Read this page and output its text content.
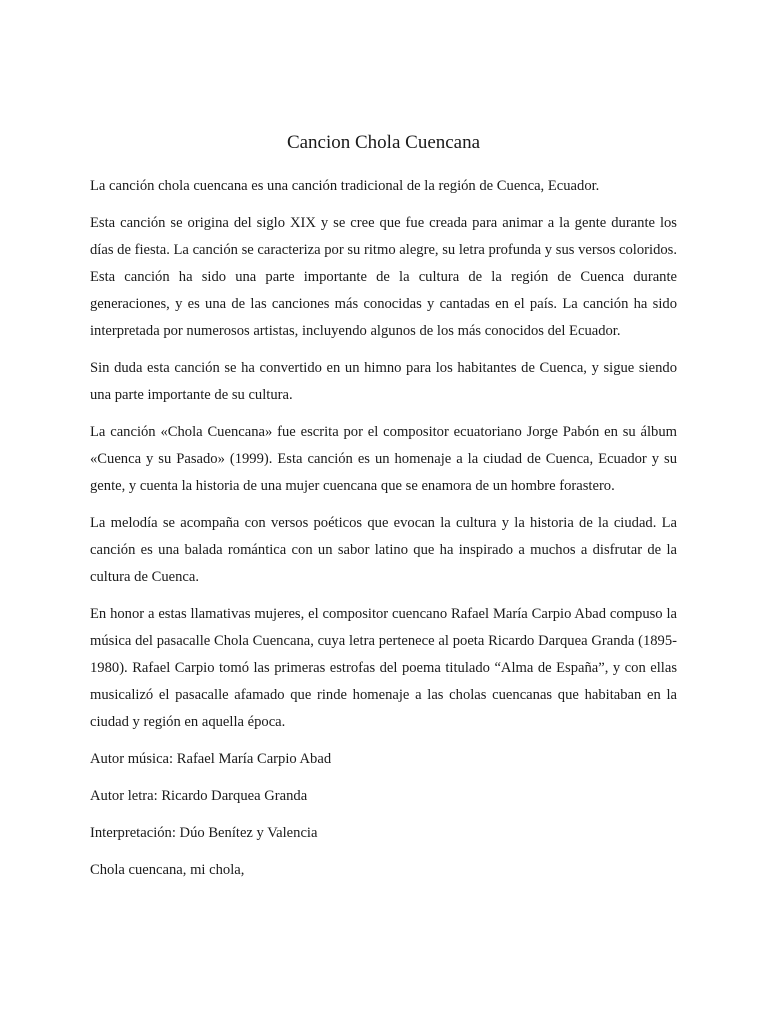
Cancion Chola Cuencana

La canción chola cuencana es una canción tradicional de la región de Cuenca, Ecuador.

Esta canción se origina del siglo XIX y se cree que fue creada para animar a la gente durante los días de fiesta. La canción se caracteriza por su ritmo alegre, su letra profunda y sus versos coloridos. Esta canción ha sido una parte importante de la cultura de la región de Cuenca durante generaciones, y es una de las canciones más conocidas y cantadas en el país. La canción ha sido interpretada por numerosos artistas, incluyendo algunos de los más conocidos del Ecuador.

Sin duda esta canción se ha convertido en un himno para los habitantes de Cuenca, y sigue siendo una parte importante de su cultura.

La canción «Chola Cuencana» fue escrita por el compositor ecuatoriano Jorge Pabón en su álbum «Cuenca y su Pasado» (1999). Esta canción es un homenaje a la ciudad de Cuenca, Ecuador y su gente, y cuenta la historia de una mujer cuencana que se enamora de un hombre forastero.

La melodía se acompaña con versos poéticos que evocan la cultura y la historia de la ciudad. La canción es una balada romántica con un sabor latino que ha inspirado a muchos a disfrutar de la cultura de Cuenca.

En honor a estas llamativas mujeres, el compositor cuencano Rafael María Carpio Abad compuso la música del pasacalle Chola Cuencana, cuya letra pertenece al poeta Ricardo Darquea Granda (1895-1980). Rafael Carpio tomó las primeras estrofas del poema titulado “Alma de España”, y con ellas musicalizó el pasacalle afamado que rinde homenaje a las cholas cuencanas que habitaban en la ciudad y región en aquella época.

Autor música: Rafael María Carpio Abad

Autor letra: Ricardo Darquea Granda

Interpretación: Dúo Benítez y Valencia

Chola cuencana, mi chola,
